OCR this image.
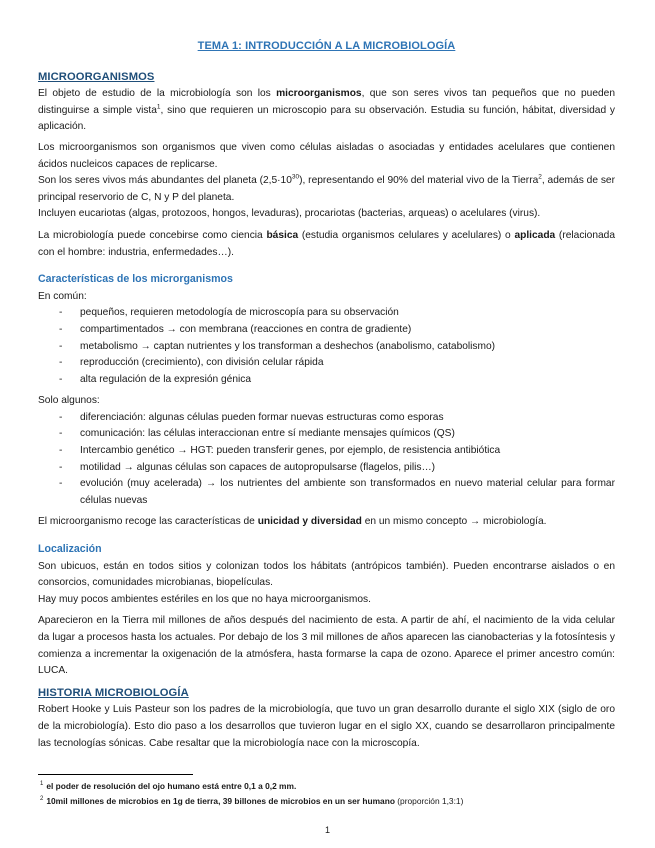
TEMA 1: INTRODUCCIÓN A LA MICROBIOLOGÍA
MICROORGANISMOS

El objeto de estudio de la microbiología son los microorganismos, que son seres vivos tan pequeños que no pueden distinguirse a simple vista$^1$, sino que requieren un microscopio para su observación. Estudia su función, hábitat, diversidad y aplicación.

Los microorganismos son organismos que viven como células aisladas o asociadas y entidades acelulares que contienen ácidos nucleicos capaces de replicarse.

Son los seres vivos más abundantes del planeta $(2,5\cdot 10^{30})$, representando el 90% del material vivo de la Tierra$^2$, además de ser principal reservorio de C, N y P del planeta.

Incluyen eucariotas (algas, protozoos, hongos, levaduras), procariotas (bacterias, arqueas) o acelulares (virus).

La microbiología puede concebirse como ciencia básica (estudia organismos celulares y acelulares) o aplicada (relacionada con el hombre: industria, enfermedades…).

Características de los microrganismos

En común:

- pequeños, requieren metodología de microscopía para su observación
- compartimentados → con membrana (reacciones en contra de gradiente)
- metabolismo → captan nutrientes y los transforman a deshechos (anabolismo, catabolismo)
- reproducción (crecimiento), con división celular rápida
- alta regulación de la expresión génica

Solo algunos:

- diferenciación: algunas células pueden formar nuevas estructuras como esporas
- comunicación: las células interaccionan entre sí mediante mensajes químicos (QS)
- Intercambio genético → HGT: pueden transferir genes, por ejemplo, de resistencia antibiótica
- motilidad → algunas células son capaces de autopropulsarse (flagelos, pilis…)
- evolución (muy acelerada) → los nutrientes del ambiente son transformados en nuevo material celular para formar células nuevas

El microorganismo recoge las características de unicidad y diversidad en un mismo concepto → microbiología.

Localización

Son ubicuos, están en todos sitios y colonizan todos los hábitats (antrópicos también). Pueden encontrarse aislados o en consorcios, comunidades microbianas, biopelículas.

Hay muy pocos ambientes estériles en los que no haya microorganismos.

Aparecieron en la Tierra mil millones de años después del nacimiento de esta. A partir de ahí, el nacimiento de la vida celular da lugar a procesos hasta los actuales. Por debajo de los 3 mil millones de años aparecen las cianobacterias y la fotosíntesis y comienza a incrementar la oxigenación de la atmósfera, hasta formarse la capa de ozono. Aparece el primer ancestro común: LUCA.

HISTORIA MICROBIOLOGÍA

Robert Hooke y Luis Pasteur son los padres de la microbiología, que tuvo un gran desarrollo durante el siglo XIX (siglo de oro de la microbiología). Esto dio paso a los desarrollos que tuvieron lugar en el siglo XX, cuando se desarrollaron principalmente las tecnologías sónicas. Cabe resaltar que la microbiología nace con la microscopía.

$^1$ el poder de resolución del ojo humano está entre 0,1 a 0,2 mm.
$^2$ 10mil millones de microbios en 1g de tierra, 39 billones de microbios en un ser humano (proporción 1,3:1)
1
